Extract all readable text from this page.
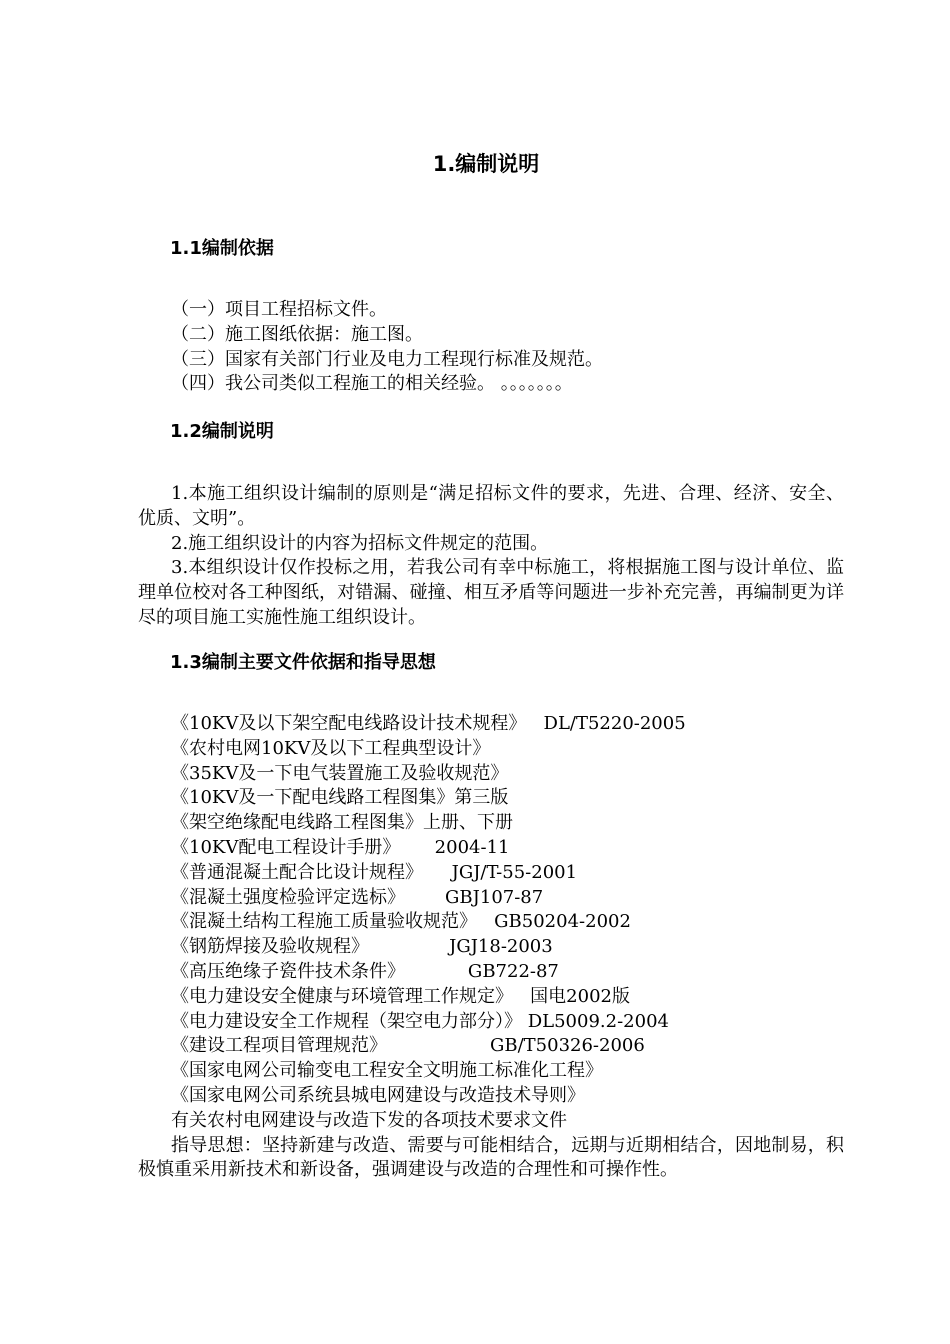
1.编制说明
1.1编制依据
（一）项目工程招标文件。
（二）施工图纸依据：施工图。
（三）国家有关部门行业及电力工程现行标准及规范。
（四）我公司类似工程施工的相关经验。 。。。。。。。
1.2编制说明
1.本施工组织设计编制的原则是“满足招标文件的要求，先进、合理、经济、安全、优质、文明”。
2.施工组织设计的内容为招标文件规定的范围。
3.本组织设计仅作投标之用，若我公司有幸中标施工，将根据施工图与设计单位、监理单位校对各工种图纸，对错漏、碰撞、相互矛盾等问题进一步补充完善，再编制更为详尽的项目施工实施性施工组织设计。
1.3编制主要文件依据和指导思想
《10KV及以下架空配电线路设计技术规程》   DL/T5220-2005
《农村电网10KV及以下工程典型设计》
《35KV及一下电气装置施工及验收规范》
《10KV及一下配电线路工程图集》第三版
《架空绝缘配电线路工程图集》上册、下册
《10KV配电工程设计手册》      2004-11
《普通混凝土配合比设计规程》     JGJ/T-55-2001
《混凝土强度检验评定选标》       GBJ107-87
《混凝土结构工程施工质量验收规范》   GB50204-2002
《钢筋焊接及验收规程》              JGJ18-2003
《高压绝缘子瓷件技术条件》           GB722-87
《电力建设安全健康与环境管理工作规定》   国电2002版
《电力建设安全工作规程（架空电力部分）》 DL5009.2-2004
《建设工程项目管理规范》                  GB/T50326-2006
《国家电网公司输变电工程安全文明施工标准化工程》
《国家电网公司系统县城电网建设与改造技术导则》
有关农村电网建设与改造下发的各项技术要求文件
指导思想：坚持新建与改造、需要与可能相结合，远期与近期相结合，因地制易，积极慎重采用新技术和新设备，强调建设与改造的合理性和可操作性。
